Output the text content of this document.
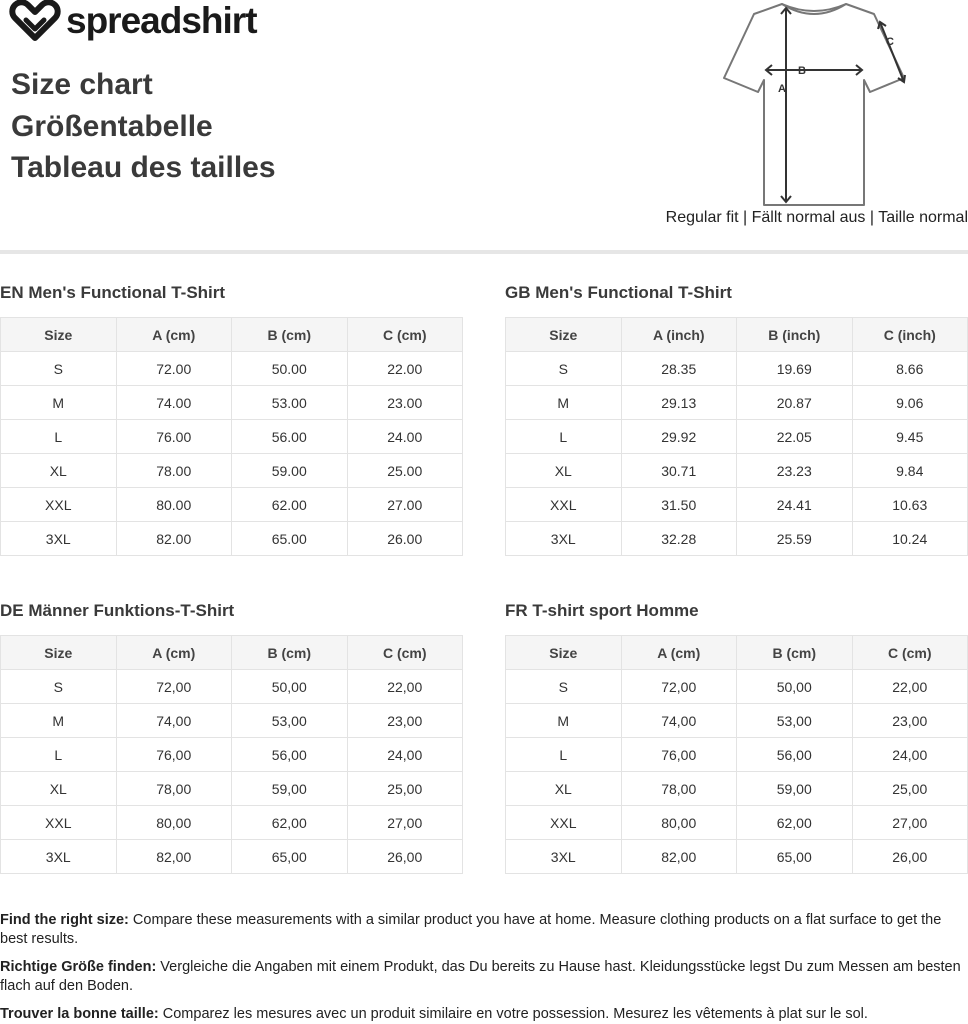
spreadshirt
Size chart
Größentabelle
Tableau des tailles
A
B
C
Regular fit | Fällt normal aus | Taille normal
EN Men's Functional T-Shirt
Size	A (cm)	B (cm)	C (cm)
S	72.00	50.00	22.00
M	74.00	53.00	23.00
L	76.00	56.00	24.00
XL	78.00	59.00	25.00
XXL	80.00	62.00	27.00
3XL	82.00	65.00	26.00
GB Men's Functional T-Shirt
Size	A (inch)	B (inch)	C (inch)
S	28.35	19.69	8.66
M	29.13	20.87	9.06
L	29.92	22.05	9.45
XL	30.71	23.23	9.84
XXL	31.50	24.41	10.63
3XL	32.28	25.59	10.24
DE Männer Funktions-T-Shirt
Size	A (cm)	B (cm)	C (cm)
S	72,00	50,00	22,00
M	74,00	53,00	23,00
L	76,00	56,00	24,00
XL	78,00	59,00	25,00
XXL	80,00	62,00	27,00
3XL	82,00	65,00	26,00
FR T-shirt sport Homme
Size	A (cm)	B (cm)	C (cm)
S	72,00	50,00	22,00
M	74,00	53,00	23,00
L	76,00	56,00	24,00
XL	78,00	59,00	25,00
XXL	80,00	62,00	27,00
3XL	82,00	65,00	26,00

Find the right size: Compare these measurements with a similar product you have at home. Measure clothing products on a flat surface to get the best results.

Richtige Größe finden: Vergleiche die Angaben mit einem Produkt, das Du bereits zu Hause hast. Kleidungsstücke legst Du zum Messen am besten flach auf den Boden.

Trouver la bonne taille: Comparez les mesures avec un produit similaire en votre possession. Mesurez les vêtements à plat sur le sol.
